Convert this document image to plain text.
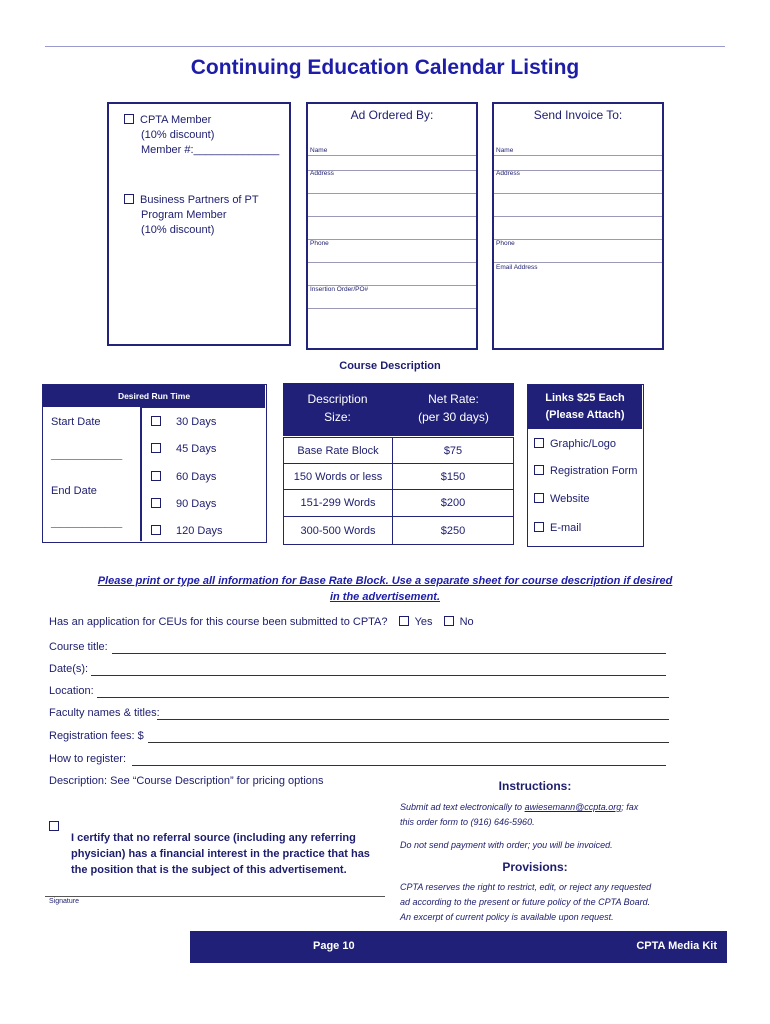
Continuing Education Calendar Listing
CPTA Member
(10% discount)
Member #:______________
Business Partners of PT
Program Member
(10% discount)
Ad Ordered By:
Name
Address
Phone
Insertion Order/PO#
Send Invoice To:
Name
Address
Phone
Email Address
Course Description
Desired Run Time
Start Date
________________
End Date
________________
30 Days
45 Days
60 Days
90 Days
120 Days
Description
Size:
Net Rate:
(per 30 days)
Base Rate Block	$75
150 Words or less	$150
151-299 Words	$200
300-500 Words	$250
Links $25 Each
(Please Attach)
Graphic/Logo
Registration Form
Website
E-mail
Please print or type all information for Base Rate Block. Use a separate sheet for course description if desired
in the advertisement.
Has an application for CEUs for this course been submitted to CPTA? Yes No
Course title:
Date(s):
Location:
Faculty names & titles:
Registration fees: $
How to register:
Description: See “Course Description” for pricing options
I certify that no referral source (including any referring physician) has a financial interest in the practice that has the position that is the subject of this advertisement.
Signature
Instructions:
Submit ad text electronically to awiesemann@ccpta.org; fax
this order form to (916) 646-5960.
Do not send payment with order; you will be invoiced.
Provisions:
CPTA reserves the right to restrict, edit, or reject any requested
ad according to the present or future policy of the CPTA Board.
An excerpt of current policy is available upon request.
Page 10	CPTA Media Kit
